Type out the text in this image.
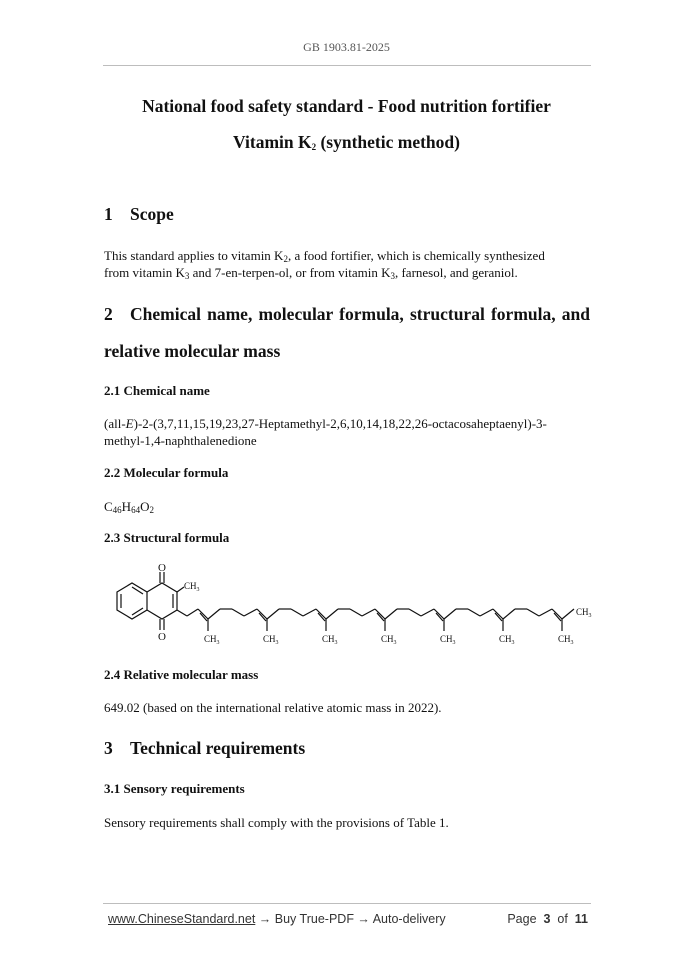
GB 1903.81-2025
National food safety standard - Food nutrition fortifier
Vitamin $K_2$ (synthetic method)
1 Scope
This standard applies to vitamin $K_2$, a food fortifier, which is chemically synthesized
from vitamin $K_3$ and 7-en-terpen-ol, or from vitamin $K_3$, farnesol, and geraniol.
2 Chemical name, molecular formula, structural formula, and
relative molecular mass
2.1 Chemical name
(all-E)-2-(3,7,11,15,19,23,27-Heptamethyl-2,6,10,14,18,22,26-octacosaheptaenyl)-3-
methyl-1,4-naphthalenedione
2.2 Molecular formula
$C_{46}H_{64}O_2$
2.3 Structural formula
O
O
$CH_3$
$CH_3$	$CH_3$	$CH_3$	$CH_3$	$CH_3$	$CH_3$	$CH_3$
$CH_3$
2.4 Relative molecular mass
649.02 (based on the international relative atomic mass in 2022).
3 Technical requirements
3.1 Sensory requirements
Sensory requirements shall comply with the provisions of Table 1.
www.ChineseStandard.net → Buy True-PDF → Auto-delivery	Page 3 of 11
